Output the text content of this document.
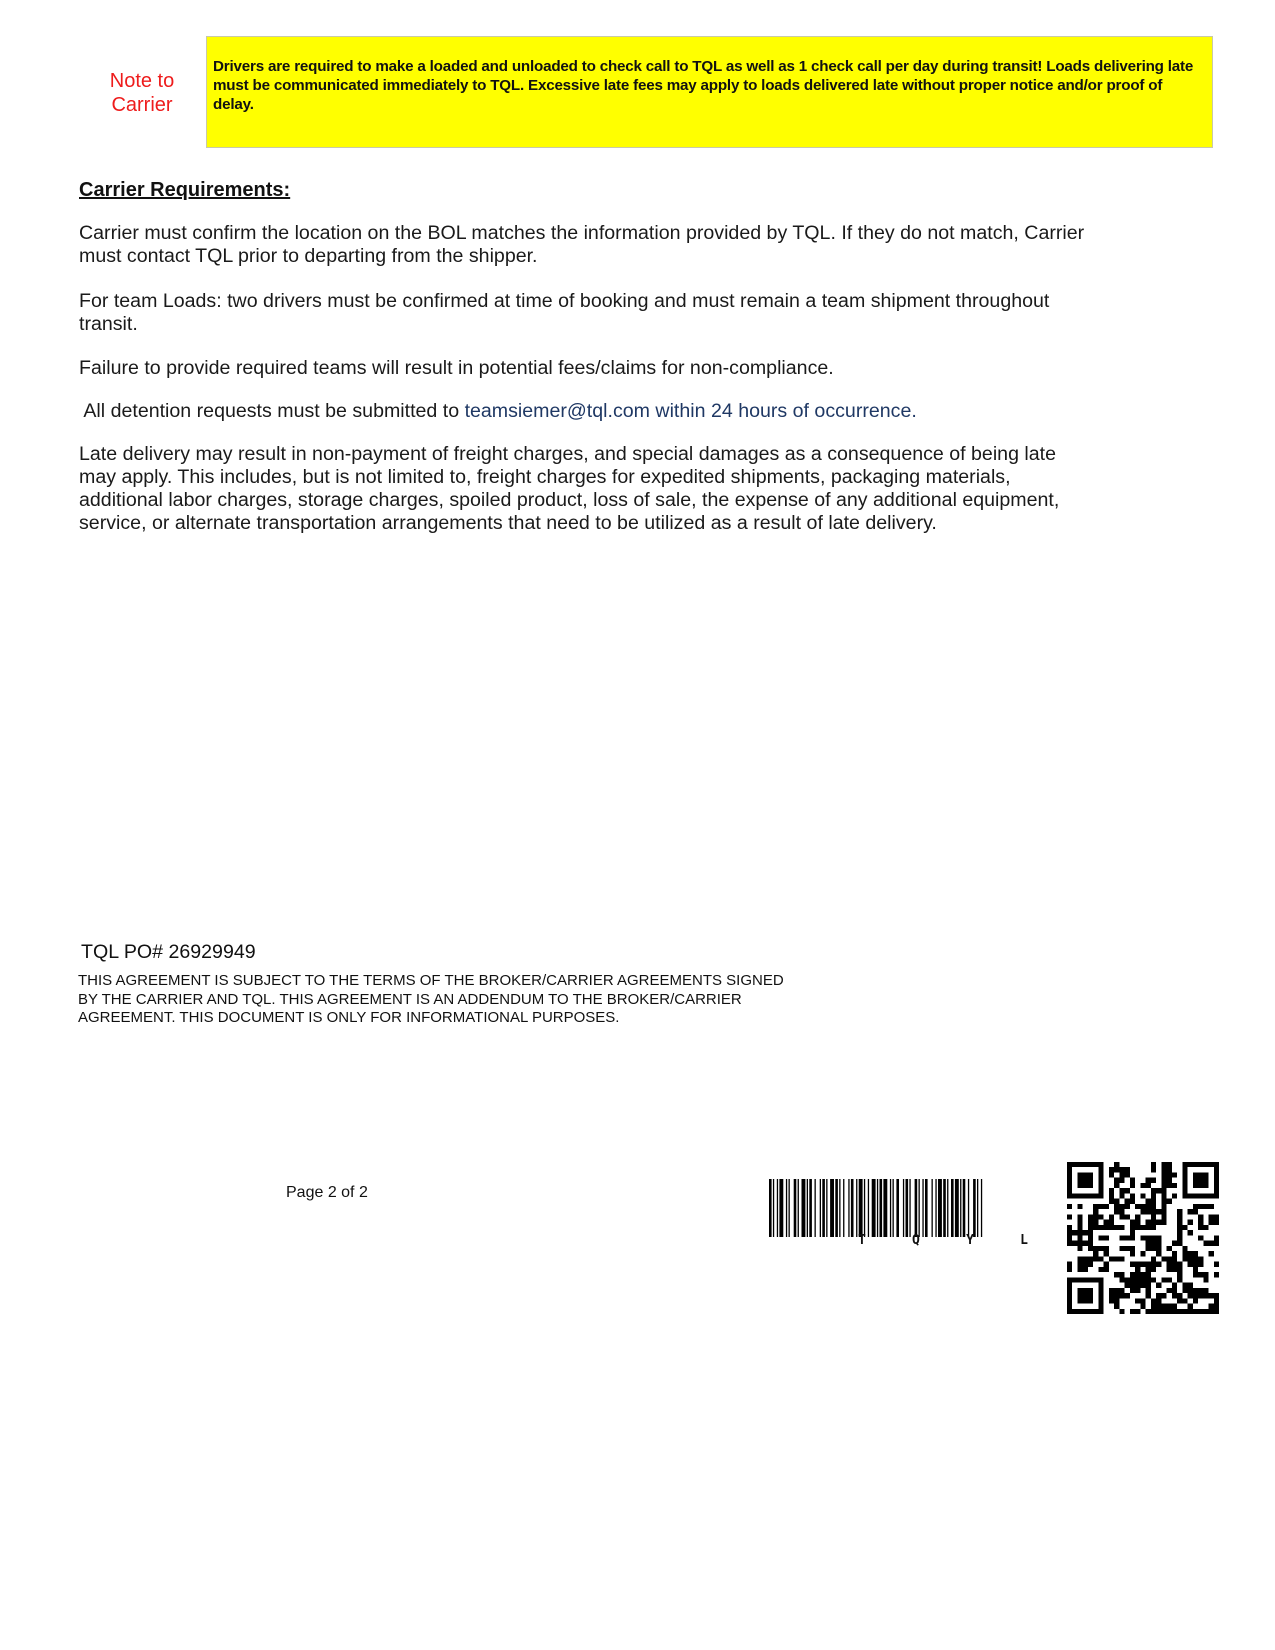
Note to Carrier
Drivers are required to make a loaded and unloaded to check call to TQL as well as 1 check call per day during transit! Loads delivering late must be communicated immediately to TQL. Excessive late fees may apply to loads delivered late without proper notice and/or proof of delay.
Carrier Requirements:
Carrier must confirm the location on the BOL matches the information provided by TQL. If they do not match, Carrier must contact TQL prior to departing from the shipper.
For team Loads: two drivers must be confirmed at time of booking and must remain a team shipment throughout transit.
Failure to provide required teams will result in potential fees/claims for non-compliance.
All detention requests must be submitted to teamsiemer@tql.com within 24 hours of occurrence.
Late delivery may result in non-payment of freight charges, and special damages as a consequence of being late may apply. This includes, but is not limited to, freight charges for expedited shipments, packaging materials, additional labor charges, storage charges, spoiled product, loss of sale, the expense of any additional equipment, service, or alternate transportation arrangements that need to be utilized as a result of late delivery.
TQL PO# 26929949
THIS AGREEMENT IS SUBJECT TO THE TERMS OF THE BROKER/CARRIER AGREEMENTS SIGNED BY THE CARRIER AND TQL. THIS AGREEMENT IS AN ADDENDUM TO THE BROKER/CARRIER AGREEMENT. THIS DOCUMENT IS ONLY FOR INFORMATIONAL PURPOSES.
Page 2 of 2
T	Q	Y	L
